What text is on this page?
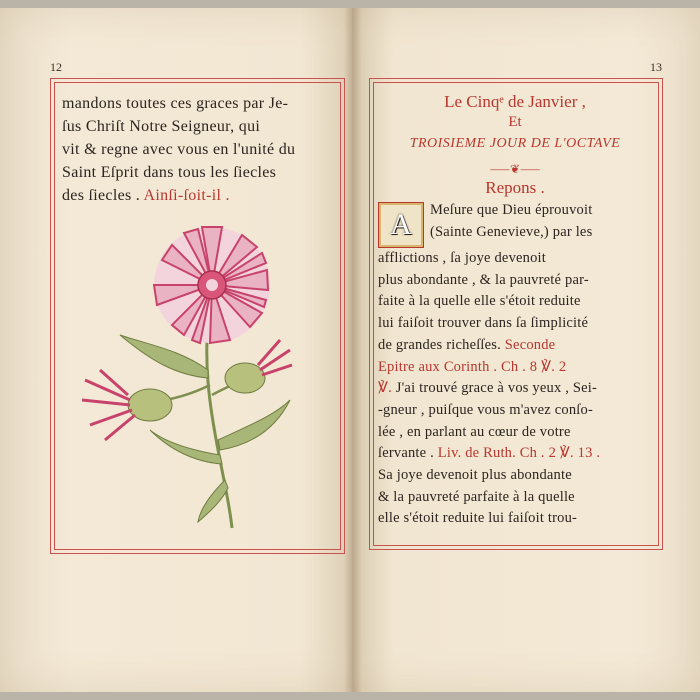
12	13
mandons toutes ces graces par Je-
ſus Chriſt Notre Seigneur, qui
vit & regne avec vous en l'unité du
Saint Eſprit dans tous les ſiecles
des ſiecles . Ainſi-ſoit-il .
Le Cinqᵉ de Janvier ,
Et
TROISIEME JOUR DE L'OCTAVE
⸺❦⸺
Repons .
A	Meſure que Dieu éprouvoit
(Sainte Genevieve,) par les
afflictions , ſa joye devenoit
plus abondante , & la pauvreté par-
faite à la quelle elle s'étoit reduite
lui faiſoit trouver dans ſa ſimplicité
de grandes richeſſes. Seconde
Epitre aux Corinth . Ch . 8 ℣. 2
℣. J'ai trouvé grace à vos yeux , Sei-
-gneur , puiſque vous m'avez conſo-
lée , en parlant au cœur de votre
ſervante . Liv. de Ruth. Ch . 2 ℣. 13 .
Sa joye devenoit plus abondante
& la pauvreté parfaite à la quelle
elle s'étoit reduite lui faiſoit trou-
